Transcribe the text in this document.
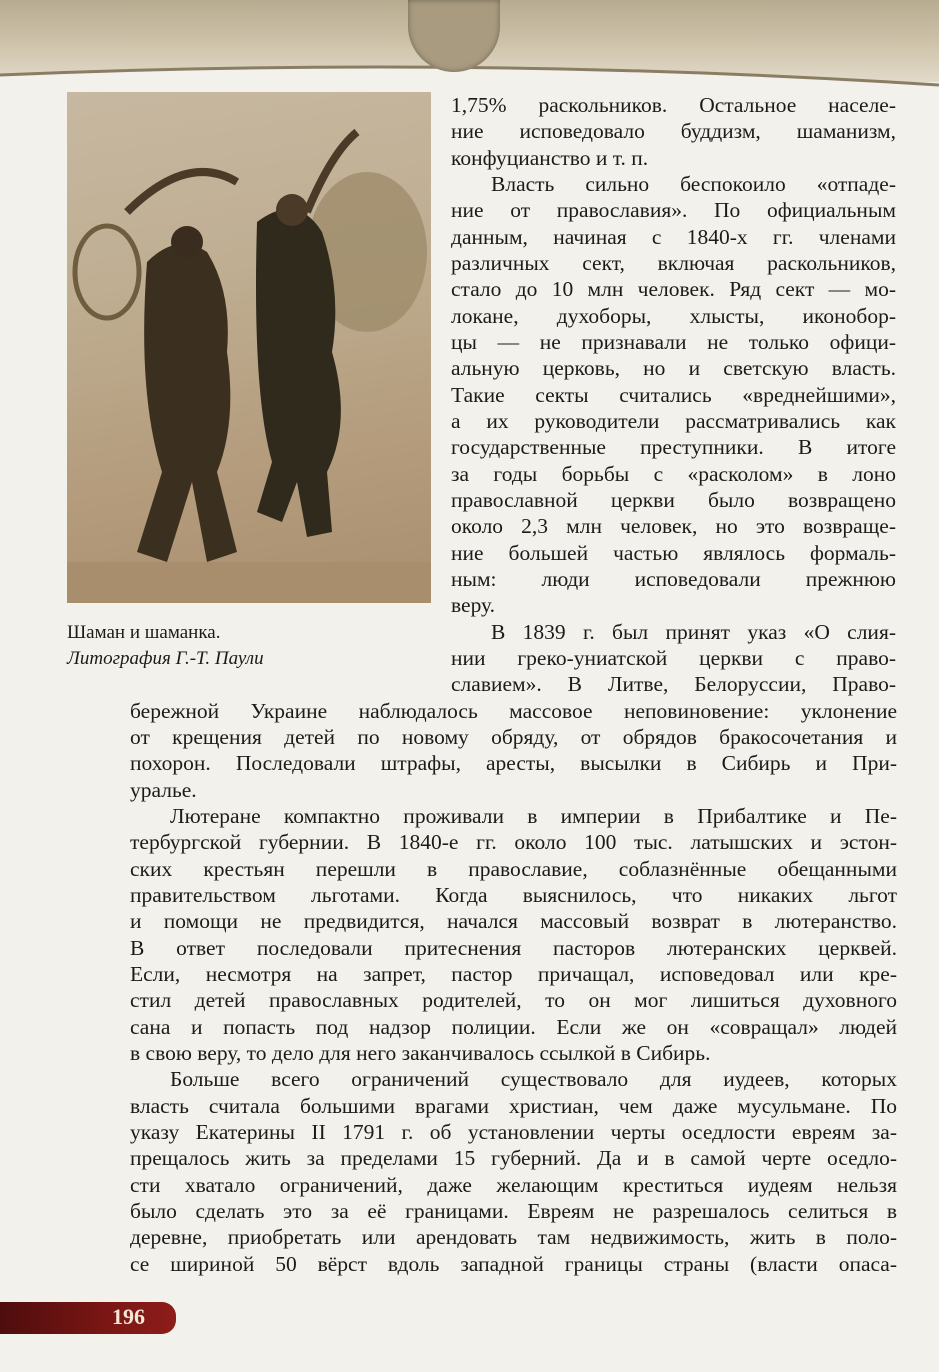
Шаман и шаманка.
Литография Г.-Т. Паули
1,75% раскольников. Остальное населе-
ние исповедовало буддизм, шаманизм,
конфуцианство и т. п.
Власть сильно беспокоило «отпаде-
ние от православия». По официальным
данным, начиная с 1840-х гг. членами
различных сект, включая раскольников,
стало до 10 млн человек. Ряд сект — мо-
локане, духоборы, хлысты, иконобор-
цы — не признавали не только офици-
альную церковь, но и светскую власть.
Такие секты считались «вреднейшими»,
а их руководители рассматривались как
государственные преступники. В итоге
за годы борьбы с «расколом» в лоно
православной церкви было возвращено
около 2,3 млн человек, но это возвраще-
ние большей частью являлось формаль-
ным: люди исповедовали прежнюю
веру.
В 1839 г. был принят указ «О слия-
нии греко-униатской церкви с право-
славием». В Литве, Белоруссии, Право-
бережной Украине наблюдалось массовое неповиновение: уклонение
от крещения детей по новому обряду, от обрядов бракосочетания и
похорон. Последовали штрафы, аресты, высылки в Сибирь и При-
уралье.
Лютеране компактно проживали в империи в Прибалтике и Пе-
тербургской губернии. В 1840-е гг. около 100 тыс. латышских и эстон-
ских крестьян перешли в православие, соблазнённые обещанными
правительством льготами. Когда выяснилось, что никаких льгот
и помощи не предвидится, начался массовый возврат в лютеранство.
В ответ последовали притеснения пасторов лютеранских церквей.
Если, несмотря на запрет, пастор причащал, исповедовал или кре-
стил детей православных родителей, то он мог лишиться духовного
сана и попасть под надзор полиции. Если же он «совращал» людей
в свою веру, то дело для него заканчивалось ссылкой в Сибирь.
Больше всего ограничений существовало для иудеев, которых
власть считала большими врагами христиан, чем даже мусульмане. По
указу Екатерины II 1791 г. об установлении черты оседлости евреям за-
прещалось жить за пределами 15 губерний. Да и в самой черте оседло-
сти хватало ограничений, даже желающим креститься иудеям нельзя
было сделать это за её границами. Евреям не разрешалось селиться в
деревне, приобретать или арендовать там недвижимость, жить в поло-
се шириной 50 вёрст вдоль западной границы страны (власти опаса-
196
